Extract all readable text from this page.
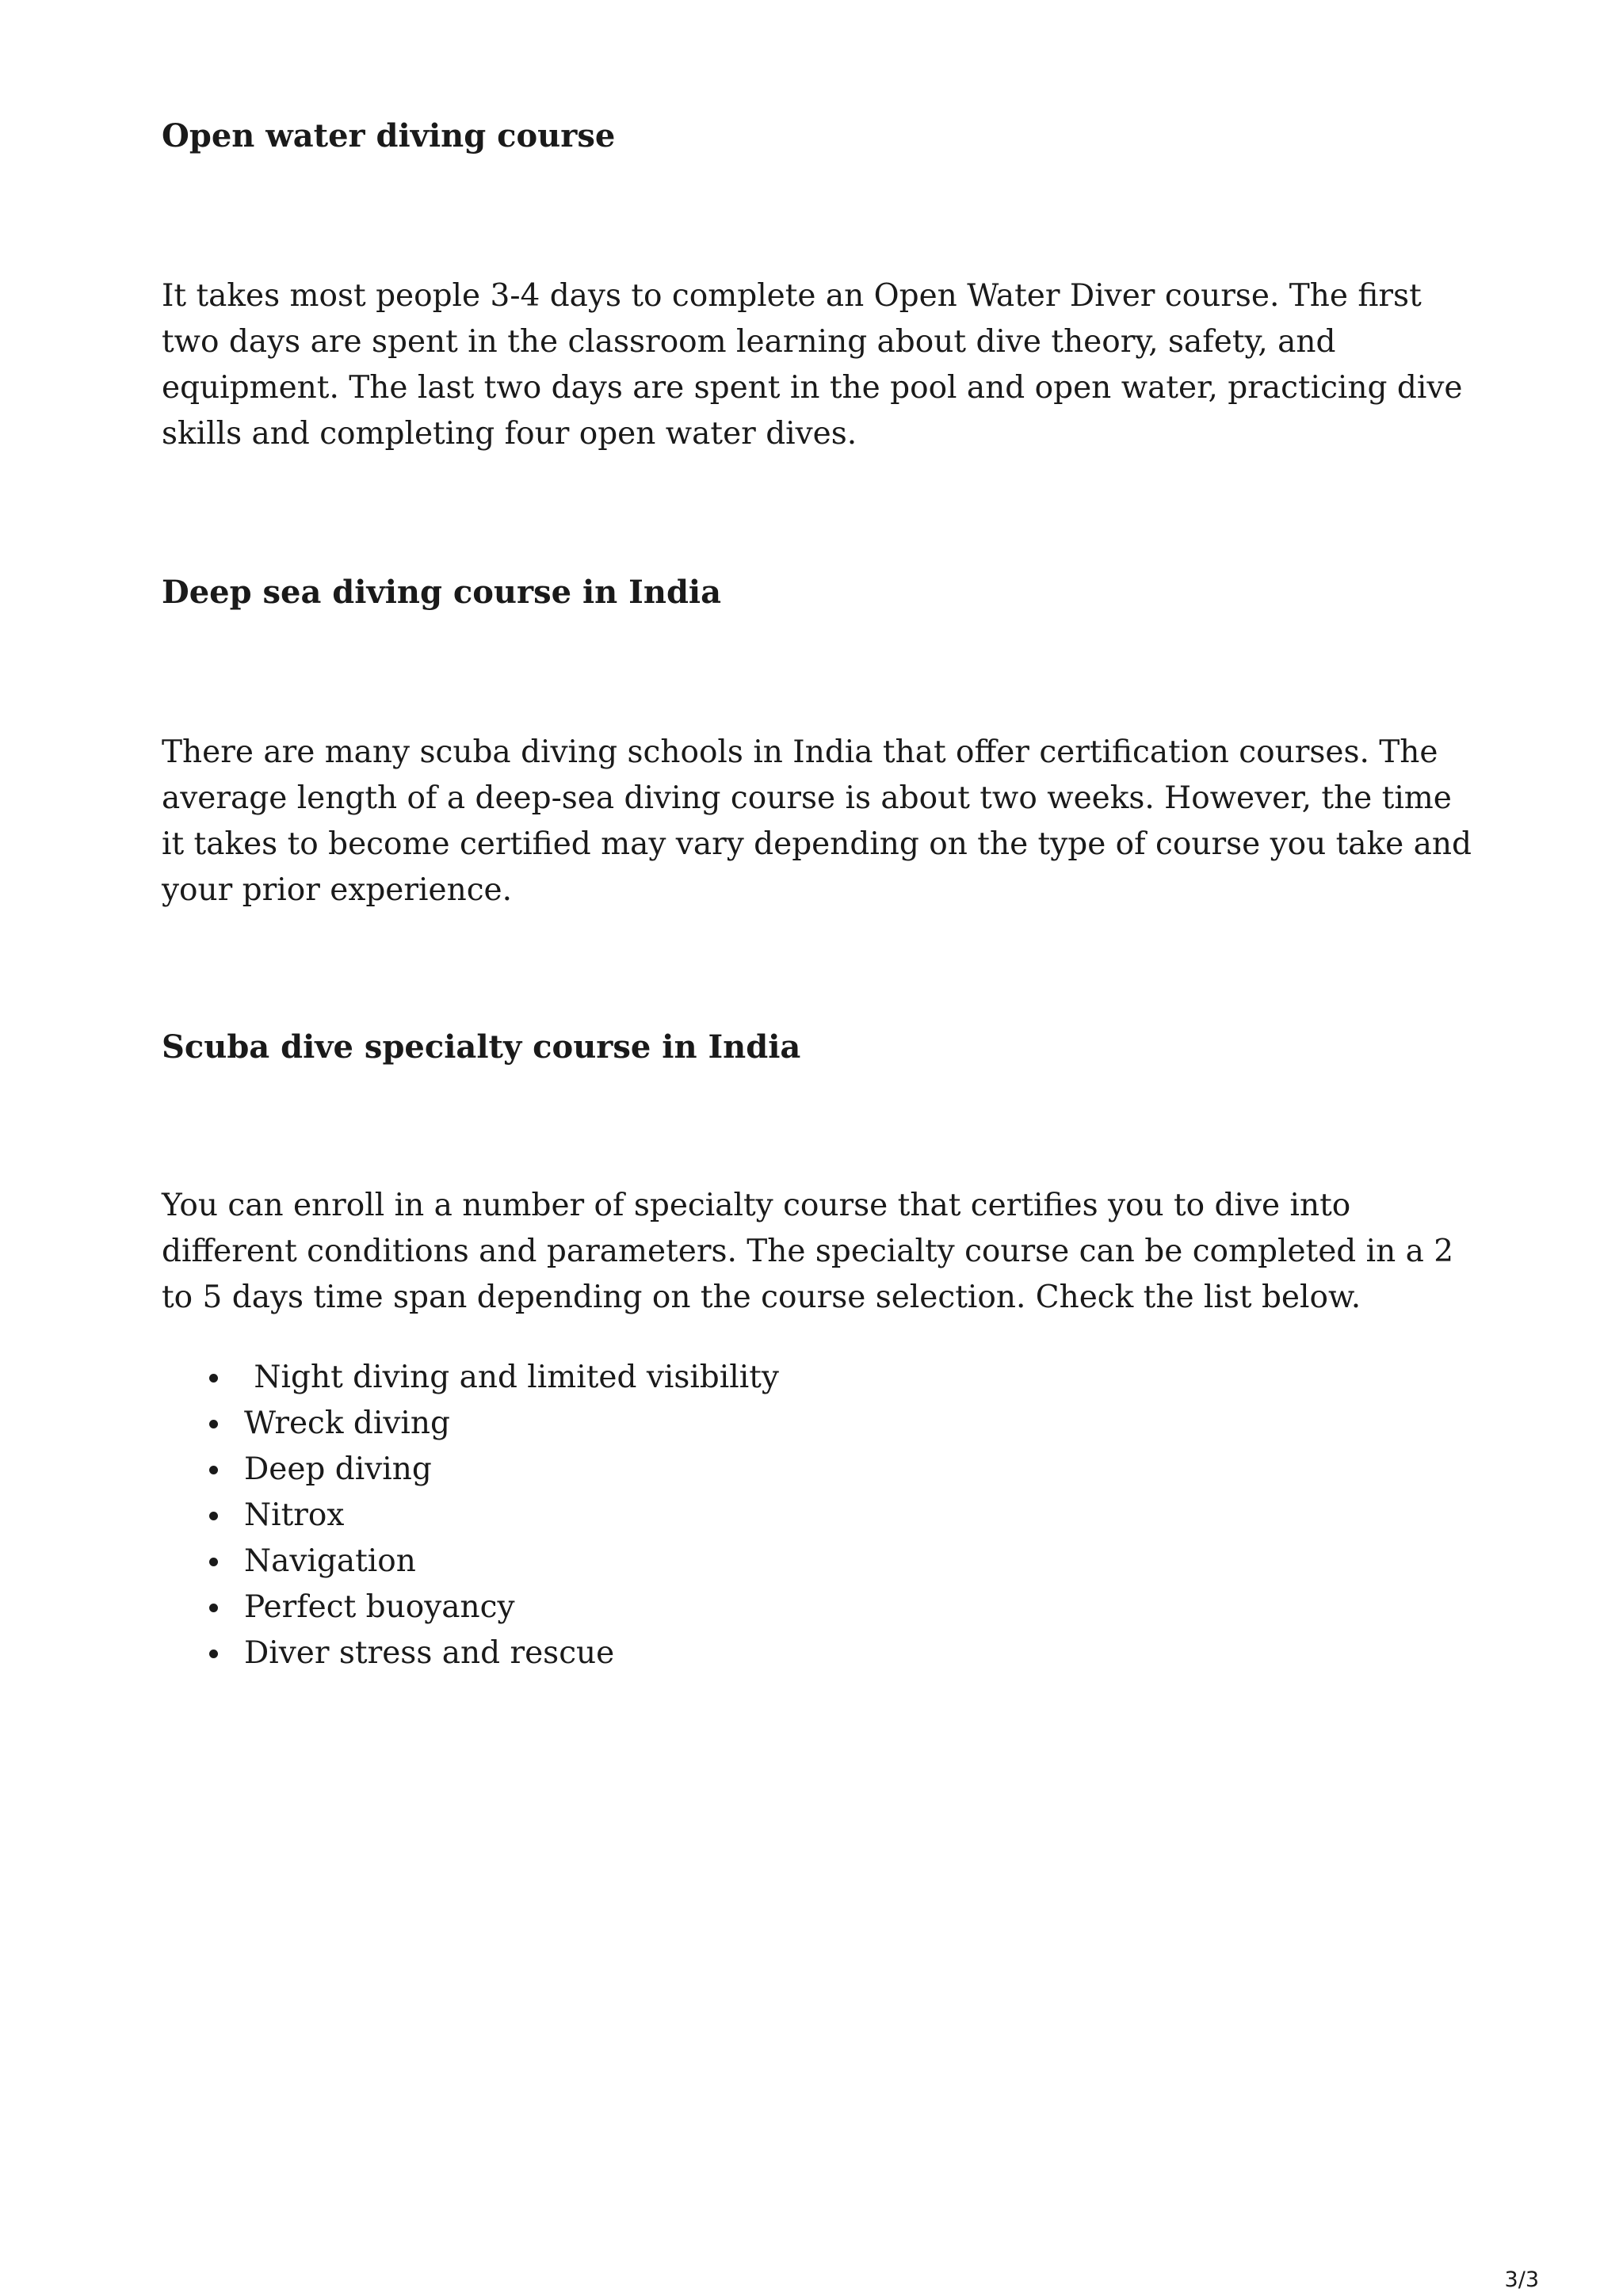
Open water diving course

It takes most people 3-4 days to complete an Open Water Diver course. The first two days are spent in the classroom learning about dive theory, safety, and equipment. The last two days are spent in the pool and open water, practicing dive skills and completing four open water dives.

Deep sea diving course in India

There are many scuba diving schools in India that offer certification courses. The average length of a deep-sea diving course is about two weeks. However, the time it takes to become certified may vary depending on the type of course you take and your prior experience.

Scuba dive specialty course in India

You can enroll in a number of specialty course that certifies you to dive into different conditions and parameters. The specialty course can be completed in a 2 to 5 days time span depending on the course selection. Check the list below.

Night diving and limited visibility

Wreck diving

Deep diving

Nitrox

Navigation

Perfect buoyancy

Diver stress and rescue

3/3
